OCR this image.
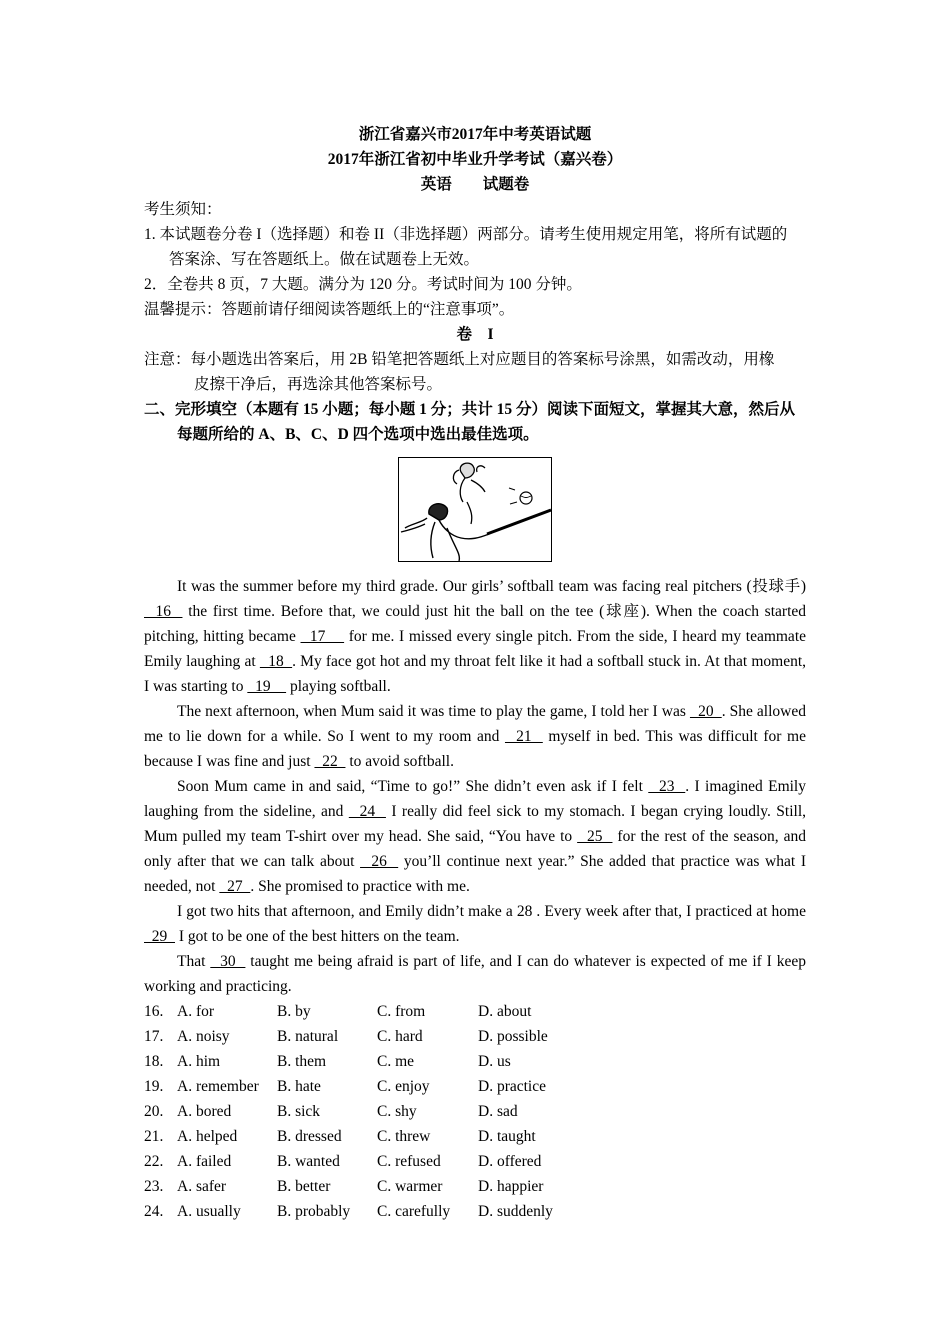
浙江省嘉兴市2017年中考英语试题
2017年浙江省初中毕业升学考试（嘉兴卷）
英语　　试题卷
考生须知：
1. 本试题卷分卷 I（选择题）和卷 II（非选择题）两部分。请考生使用规定用笔，将所有试题的
答案涂、写在答题纸上。做在试题卷上无效。
2．全卷共 8 页，7 大题。满分为 120 分。考试时间为 100 分钟。
温馨提示：答题前请仔细阅读答题纸上的“注意事项”。
卷　I
注意：每小题选出答案后，用 2B 铅笔把答题纸上对应题目的答案标号涂黑，如需改动，用橡
皮擦干净后，再选涂其他答案标号。
二、完形填空（本题有 15 小题；每小题 1 分；共计 15 分）阅读下面短文，掌握其大意，然后从
每题所给的 A、B、C、D 四个选项中选出最佳选项。
It was the summer before my third grade. Our girls’ softball team was facing real pitchers (投球手)   16   the first time. Before that, we could just hit the ball on the tee (球座). When the coach started pitching, hitting became   17     for me. I missed every single pitch. From the side, I heard my teammate Emily laughing at   18  . My face got hot and my throat felt like it had a softball stuck in. At that moment, I was starting to   19     playing softball.
The next afternoon, when Mum said it was time to play the game, I told her I was   20  . She allowed me to lie down for a while. So I went to my room and   21   myself in bed. This was difficult for me because I was fine and just   22   to avoid softball.
Soon Mum came in and said, “Time to go!” She didn’t even ask if I felt   23  . I imagined Emily laughing from the sideline, and   24   I really did feel sick to my stomach. I began crying loudly. Still, Mum pulled my team T-shirt over my head. She said, “You have to   25   for the rest of the season, and only after that we can talk about   26   you’ll continue next year.” She added that practice was what I needed, not   27  . She promised to practice with me.
I got two hits that afternoon, and Emily didn’t make a 28 . Every week after that, I practiced at home   29   I got to be one of the best hitters on the team.
That   30   taught me being afraid is part of life, and I can do whatever is expected of me if I keep working and practicing.
16.	A. for	B. by	C. from	D. about
17.	A. noisy	B. natural	C. hard	D. possible
18.	A. him	B. them	C. me	D. us
19.	A. remember	B. hate	C. enjoy	D. practice
20.	A. bored	B. sick	C. shy	D. sad
21.	A. helped	B. dressed	C. threw	D. taught
22.	A. failed	B. wanted	C. refused	D. offered
23.	A. safer	B. better	C. warmer	D. happier
24.	A. usually	B. probably	C. carefully	D. suddenly
